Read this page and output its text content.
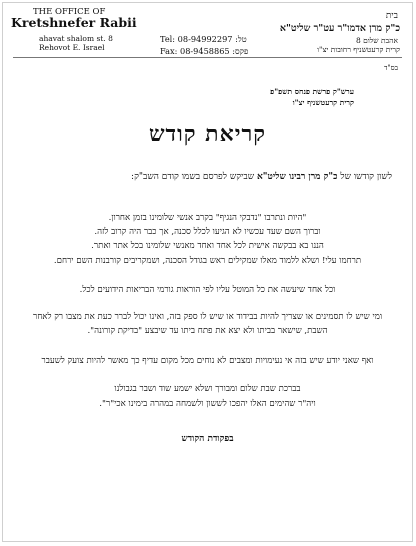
THE OFFICE OF
Kretshnefer Rabii
ahavat shalom st. 8
Rehovot E. Israel
Tel: 08-94992297 :טל
Fax: 08-9458865 :פקס
בית
כ"ק מרן אדמו"ר עט"ר שליט"א
אהבת שלום 8
קרית קרעטשניף רחובות יצ"ו
בס"ד
ערש"ק פרשת פנחס תשפ"פ
קרית קרעטשניף יצ"ו
קריאת קודש
לשון קודשו של כ"ק מרן רבינו שליט"א שביקש לפרסם בשמו קודם השב"ק:
"היות ונתרבו "נדבקי הנגיף" בקרב אנשי שלומינו בזמן אחרון.
וברוך השם שעד עכשיו לא הגיעו לכלל סכנה, אך כבר היה קרוב לזה.
הננו בא בבקשה אישית לכל אחד ואחד מאנשי שלומינו בכל אתר ואתר.
תרחמו עלי! ושלא ללמוד מאלו שמקילים ראש בגודל הסכנה, ושמקריבים קורבנות השם ירחם.
וכל אחד שיעשה את כל המוטל עליו לפי הוראות גורמי הבריאות הידועים לכל.
ומי שיש לו תסמינים או שצריך להיות בבידוד או שיש לו ספק בזה, ואינו יכול לברר כעת את מצבו רק לאחר השבת, שישאר בביתו ולא יצא את פתח ביתו עד שיבצע "בדיקת קורונה".
ואף שאני יודע שיש בזה אי נעימויות ומצבים לא נוחים מכל מקום עדיף כך מאשר להיות צועק לשעבר
בברכת שבת שלום ומבורך ושלא ישמע שוד ושבר בגבולנו
ויה"ר שהימים האלו יהפכו לששון ולשמחה במהרה בימינו אכי"ר".
בפקודת הקודש
